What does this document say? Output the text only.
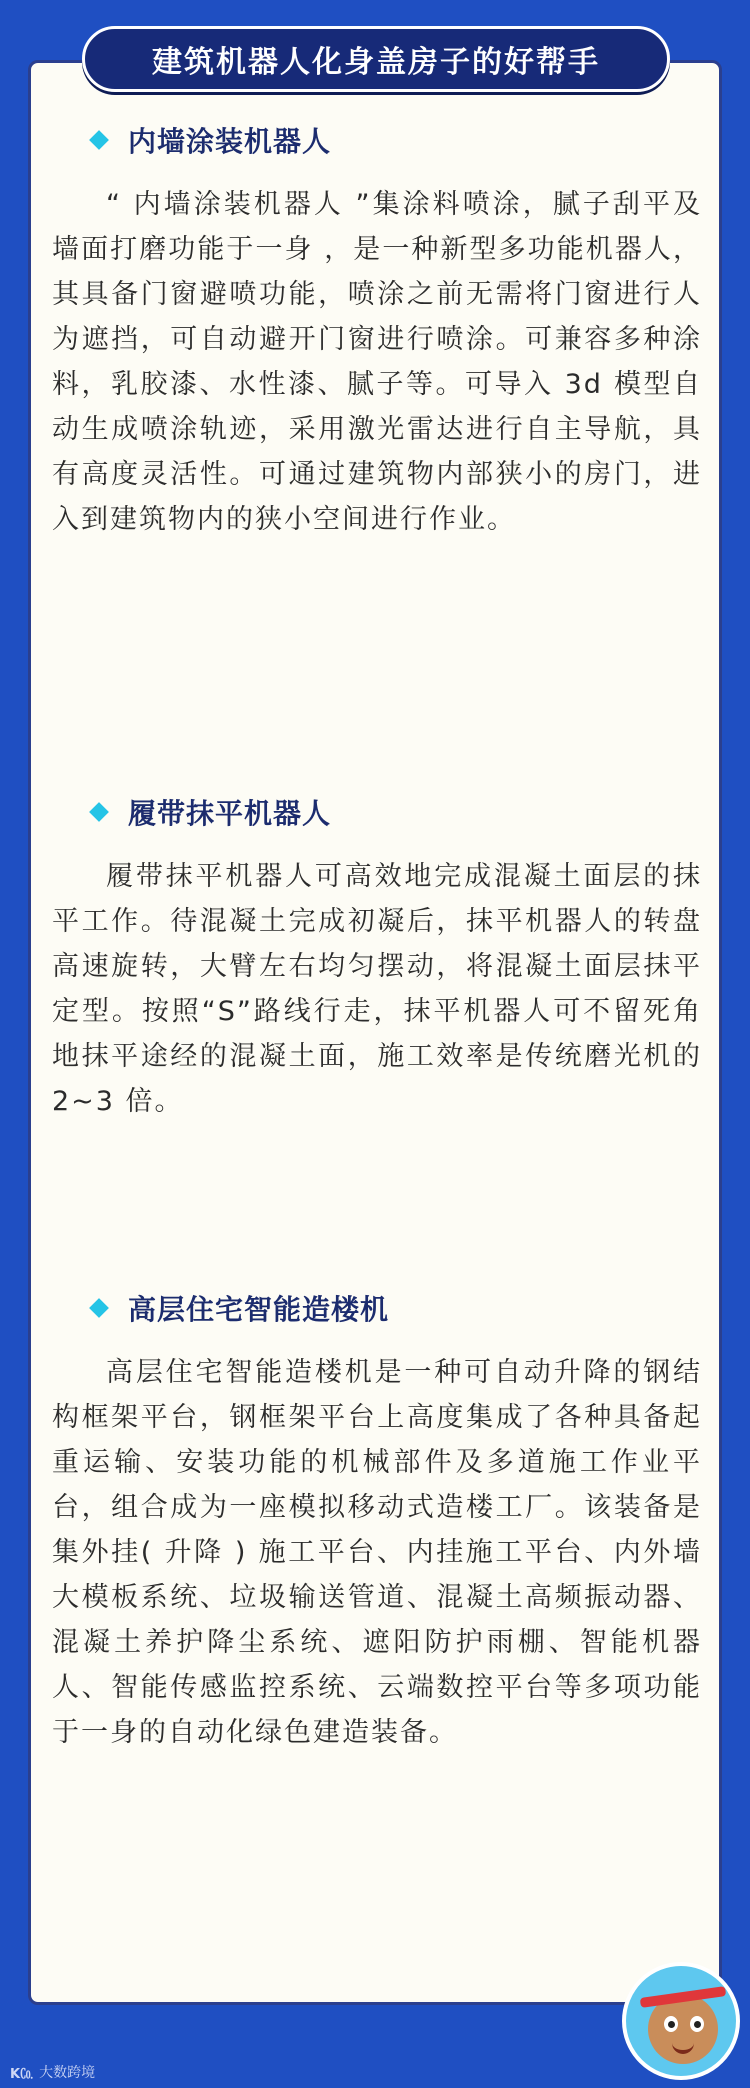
建筑机器人化身盖房子的好帮手
内墙涂装机器人

“ 内墙涂装机器人 ”集涂料喷涂，腻子刮平及墙面打磨功能于一身 ，是一种新型多功能机器人，其具备门窗避喷功能，喷涂之前无需将门窗进行人为遮挡，可自动避开门窗进行喷涂。可兼容多种涂料，乳胶漆、水性漆、腻子等。可导入 3d 模型自动生成喷涂轨迹，采用激光雷达进行自主导航，具有高度灵活性。可通过建筑物内部狭小的房门，进入到建筑物内的狭小空间进行作业。

履带抹平机器人

履带抹平机器人可高效地完成混凝土面层的抹平工作。待混凝土完成初凝后，抹平机器人的转盘高速旋转，大臂左右均匀摆动，将混凝土面层抹平定型。按照“S”路线行走，抹平机器人可不留死角地抹平途经的混凝土面，施工效率是传统磨光机的 2~3 倍。

高层住宅智能造楼机

高层住宅智能造楼机是一种可自动升降的钢结构框架平台，钢框架平台上高度集成了各种具备起重运输、安装功能的机械部件及多道施工作业平台，组合成为一座模拟移动式造楼工厂。该装备是集外挂( 升降 ) 施工平台、内挂施工平台、内外墙大模板系统、垃圾输送管道、混凝土高频振动器、混凝土养护降尘系统、遮阳防护雨棚、智能机器人、智能传感监控系统、云端数控平台等多项功能于一身的自动化绿色建造装备。

K㏇ 大数跨境
